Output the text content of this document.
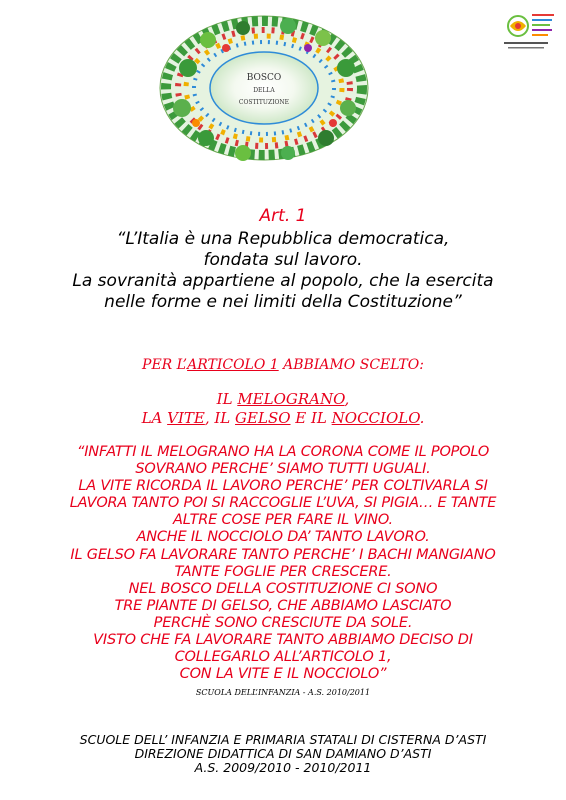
BOSCO
DELLA
COSTITUZIONE
Art. 1
“L’Italia è una Repubblica democratica,
fondata sul lavoro.
La sovranità appartiene al popolo, che la esercita
nelle forme e nei limiti della Costituzione”
PER L’ARTICOLO 1 ABBIAMO SCELTO:
IL MELOGRANO,
LA VITE, IL GELSO E IL NOCCIOLO.
“INFATTI IL MELOGRANO HA LA CORONA COME IL POPOLO
SOVRANO PERCHE’ SIAMO TUTTI UGUALI.
LA VITE RICORDA IL LAVORO PERCHE’ PER COLTIVARLA SI
LAVORA TANTO POI SI RACCOGLIE L’UVA, SI PIGIA… E TANTE
ALTRE COSE PER FARE IL VINO.
ANCHE IL NOCCIOLO DA’ TANTO LAVORO.
IL GELSO FA LAVORARE TANTO PERCHE’ I BACHI MANGIANO
TANTE FOGLIE PER CRESCERE.
NEL BOSCO DELLA COSTITUZIONE CI SONO
TRE PIANTE DI GELSO, CHE ABBIAMO LASCIATO
PERCHÈ SONO CRESCIUTE DA SOLE.
VISTO CHE FA LAVORARE TANTO ABBIAMO DECISO DI
COLLEGARLO ALL’ARTICOLO 1,
CON LA VITE E IL NOCCIOLO”
SCUOLA DELL’INFANZIA - A.S. 2010/2011
SCUOLE DELL’ INFANZIA E PRIMARIA STATALI DI CISTERNA D’ASTI
DIREZIONE DIDATTICA DI SAN DAMIANO D’ASTI
A.S. 2009/2010 - 2010/2011
